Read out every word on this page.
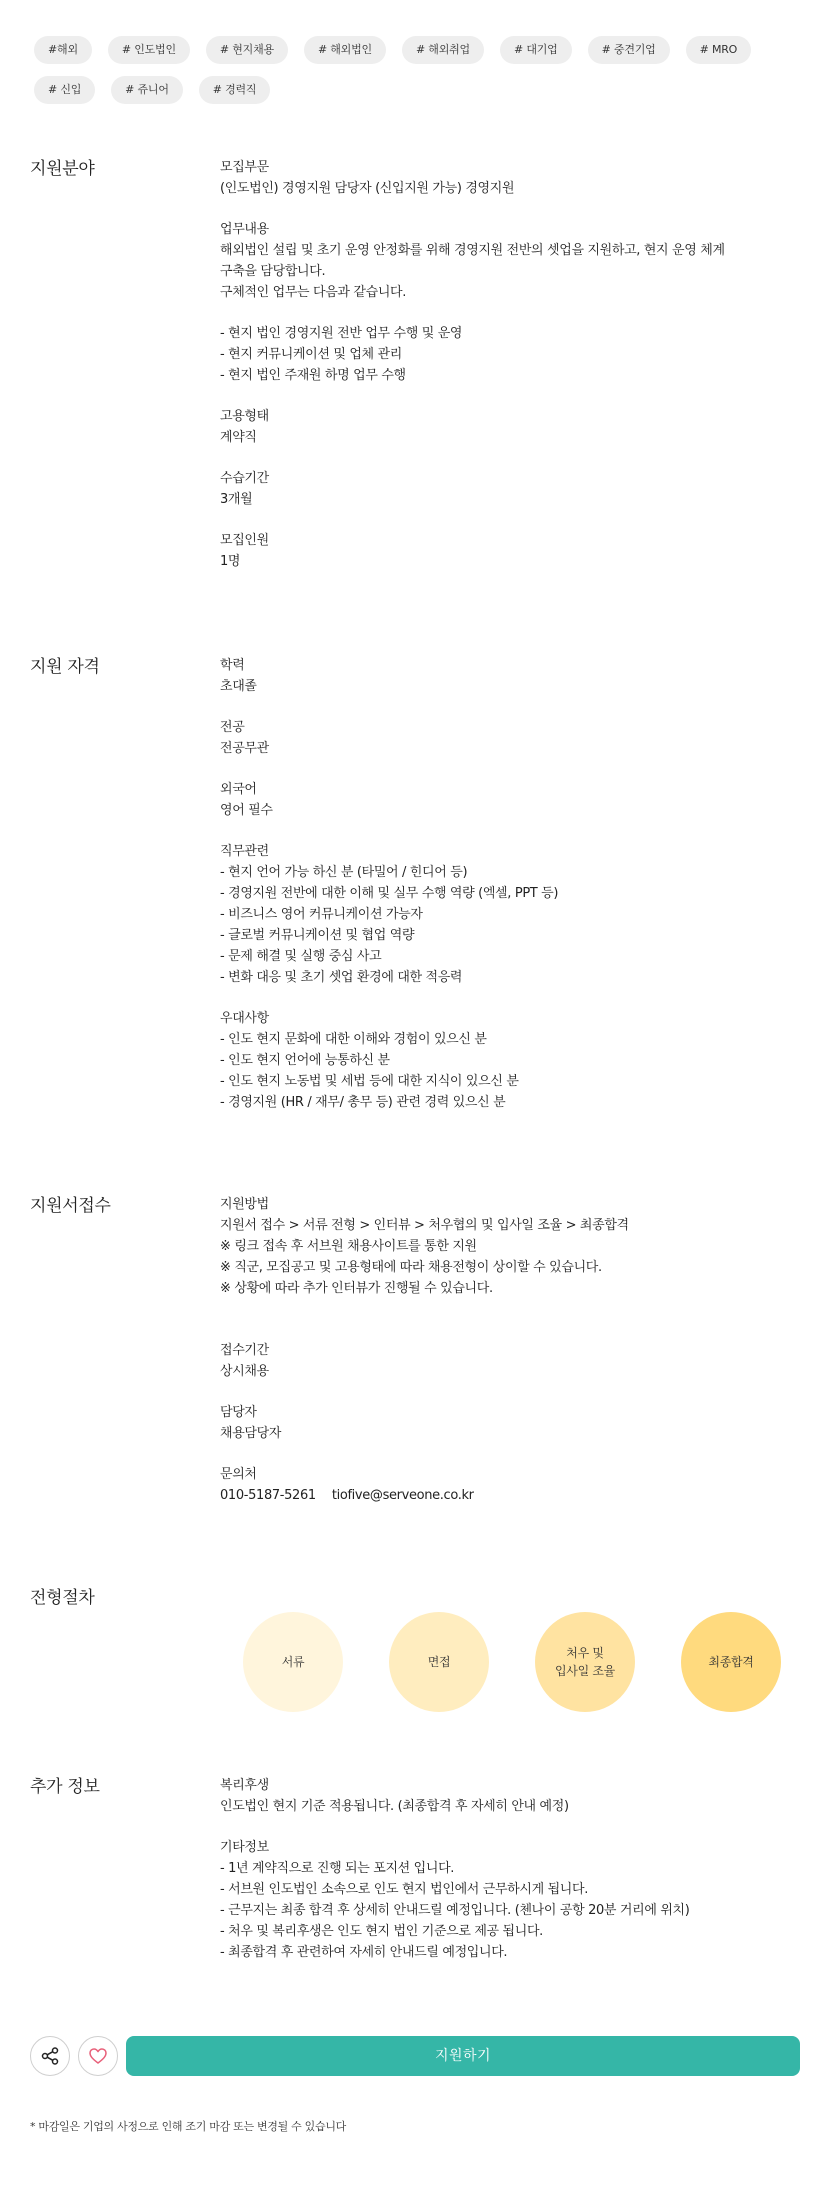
#해외	# 인도법인	# 현지채용	# 해외법인	# 해외취업	# 대기업	# 중견기업	# MRO
# 신입	# 쥬니어	# 경력직
지원분야	모집부문
(인도법인) 경영지원 담당자 (신입지원 가능) 경영지원
업무내용
해외법인 설립 및 초기 운영 안정화를 위해 경영지원 전반의 셋업을 지원하고, 현지 운영 체계
구축을 담당합니다.
구체적인 업무는 다음과 같습니다.
- 현지 법인 경영지원 전반 업무 수행 및 운영
- 현지 커뮤니케이션 및 업체 관리
- 현지 법인 주재원 하명 업무 수행
고용형태
계약직
수습기간
3개월
모집인원
1명
지원 자격	학력
초대졸
전공
전공무관
외국어
영어 필수
직무관련
- 현지 언어 가능 하신 분 (타밀어 / 힌디어 등)
- 경영지원 전반에 대한 이해 및 실무 수행 역량 (엑셀, PPT 등)
- 비즈니스 영어 커뮤니케이션 가능자
- 글로벌 커뮤니케이션 및 협업 역량
- 문제 해결 및 실행 중심 사고
- 변화 대응 및 초기 셋업 환경에 대한 적응력
우대사항
- 인도 현지 문화에 대한 이해와 경험이 있으신 분
- 인도 현지 언어에 능통하신 분
- 인도 현지 노동법 및 세법 등에 대한 지식이 있으신 분
- 경영지원 (HR / 재무/ 총무 등) 관련 경력 있으신 분
지원서접수	지원방법
지원서 접수 > 서류 전형 > 인터뷰 > 처우협의 및 입사일 조율 > 최종합격
※ 링크 접속 후 서브원 채용사이트를 통한 지원
※ 직군, 모집공고 및 고용형태에 따라 채용전형이 상이할 수 있습니다.
※ 상황에 따라 추가 인터뷰가 진행될 수 있습니다.
접수기간
상시채용
담당자
채용담당자
문의처
010-5187-5261 tiofive@serveone.co.kr
전형절차
서류	면접
처우 및
입사일 조율
최종합격
추가 정보	복리후생
인도법인 현지 기준 적용됩니다. (최종합격 후 자세히 안내 예정)
기타정보
- 1년 계약직으로 진행 되는 포지션 입니다.
- 서브원 인도법인 소속으로 인도 현지 법인에서 근무하시게 됩니다.
- 근무지는 최종 합격 후 상세히 안내드릴 예정입니다. (첸나이 공항 20분 거리에 위치)
- 처우 및 복리후생은 인도 현지 법인 기준으로 제공 됩니다.
- 최종합격 후 관련하여 자세히 안내드릴 예정입니다.
지원하기
* 마감일은 기업의 사정으로 인해 조기 마감 또는 변경될 수 있습니다
